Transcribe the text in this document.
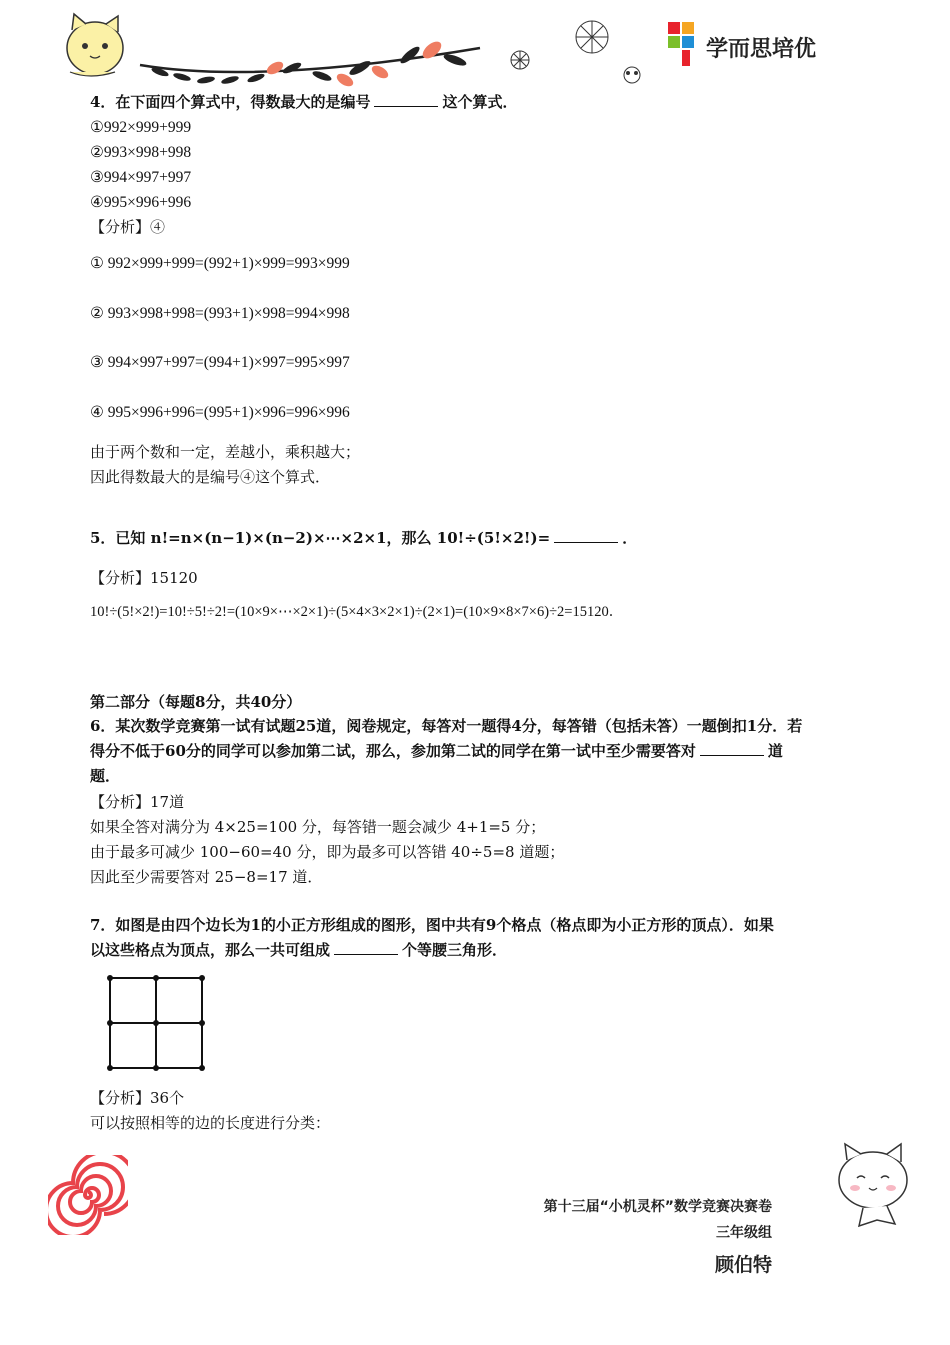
学而思培优
4．在下面四个算式中，得数最大的是编号	这个算式．
①992×999+999
②993×998+998
③994×997+997
④995×996+996
【分析】④
① 992×999+999=(992+1)×999=993×999
② 993×998+998=(993+1)×998=994×998
③ 994×997+997=(994+1)×997=995×997
④ 995×996+996=(995+1)×996=996×996
由于两个数和一定，差越小，乘积越大；
因此得数最大的是编号④这个算式．
5．已知 n!=n×(n−1)×(n−2)×⋯×2×1，那么 10!÷(5!×2!)=	．
【分析】15120
10!÷(5!×2!)=10!÷5!÷2!=(10×9×⋯×2×1)÷(5×4×3×2×1)÷(2×1)=(10×9×8×7×6)÷2=15120．
第二部分（每题8分，共40分）
6．某次数学竞赛第一试有试题25道，阅卷规定，每答对一题得4分，每答错（包括未答）一题倒扣1分．若
得分不低于60分的同学可以参加第二试，那么，参加第二试的同学在第一试中至少需要答对	道
题．
【分析】17道
如果全答对满分为 4×25=100 分，每答错一题会减少 4+1=5 分；
由于最多可减少 100−60=40 分，即为最多可以答错 40÷5=8 道题；
因此至少需要答对 25−8=17 道．
7．如图是由四个边长为1的小正方形组成的图形，图中共有9个格点（格点即为小正方形的顶点）．如果
以这些格点为顶点，那么一共可组成	个等腰三角形．
【分析】36个
可以按照相等的边的长度进行分类：
第十三届“小机灵杯”数学竞赛决赛卷
三年级组
顾伯特
